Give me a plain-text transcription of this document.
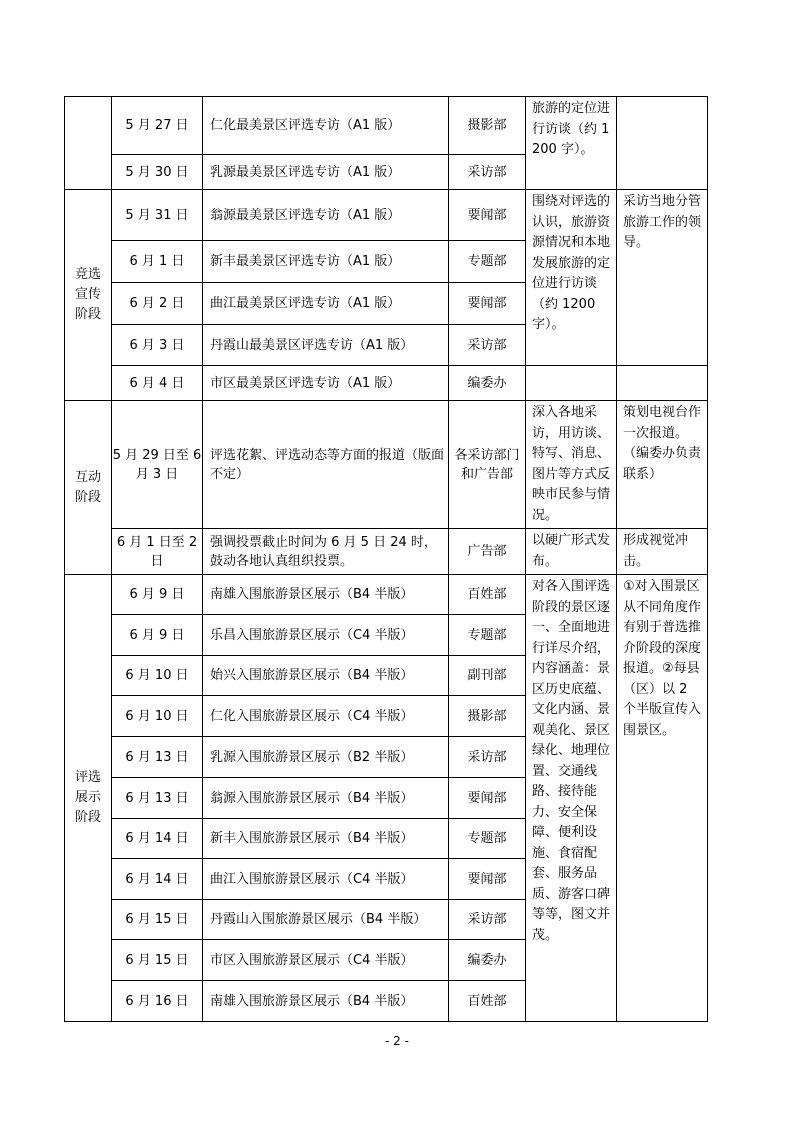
	5 月 27 日	仁化最美景区评选专访（A1 版）	摄影部	旅游的定位进行访谈（约 1200 字）。	
	5 月 30 日	乳源最美景区评选专访（A1 版）	采访部		
竞选宣传阶段	5 月 31 日	翁源最美景区评选专访（A1 版）	要闻部	围绕对评选的认识，旅游资源情况和本地发展旅游的定位进行访谈（约 1200 字）。	采访当地分管旅游工作的领导。
	6 月 1 日	新丰最美景区评选专访（A1 版）	专题部		
	6 月 2 日	曲江最美景区评选专访（A1 版）	要闻部		
	6 月 3 日	丹霞山最美景区评选专访（A1 版）	采访部		
	6 月 4 日	市区最美景区评选专访（A1 版）	编委办		
互动阶段	5 月 29 日至 6 月 3 日	评选花絮、评选动态等方面的报道（版面不定）	各采访部门和广告部	深入各地采访，用访谈、特写、消息、图片等方式反映市民参与情况。	策划电视台作一次报道。（编委办负责联系）
	6 月 1 日至 2 日	强调投票截止时间为 6 月 5 日 24 时，鼓动各地认真组织投票。	广告部	以硬广形式发布。	形成视觉冲击。
评选展示阶段	6 月 9 日	南雄入围旅游景区展示（B4 半版）	百姓部	对各入围评选阶段的景区逐一、全面地进行详尽介绍，内容涵盖：景区历史底蕴、文化内涵、景观美化、景区绿化、地理位置、交通线路、接待能力、安全保障、便利设施、食宿配套、服务品质、游客口碑等等，图文并茂。	①对入围景区从不同角度作有别于普选推介阶段的深度报道。②每县（区）以 2 个半版宣传入围景区。
	6 月 9 日	乐昌入围旅游景区展示（C4 半版）	专题部		
	6 月 10 日	始兴入围旅游景区展示（B4 半版）	副刊部		
	6 月 10 日	仁化入围旅游景区展示（C4 半版）	摄影部		
	6 月 13 日	乳源入围旅游景区展示（B2 半版）	采访部		
	6 月 13 日	翁源入围旅游景区展示（B4 半版）	要闻部		
	6 月 14 日	新丰入围旅游景区展示（B4 半版）	专题部		
	6 月 14 日	曲江入围旅游景区展示（C4 半版）	要闻部		
	6 月 15 日	丹霞山入围旅游景区展示（B4 半版）	采访部		
	6 月 15 日	市区入围旅游景区展示（C4 半版）	编委办		
	6 月 16 日	南雄入围旅游景区展示（B4 半版）	百姓部		
- 2 -
